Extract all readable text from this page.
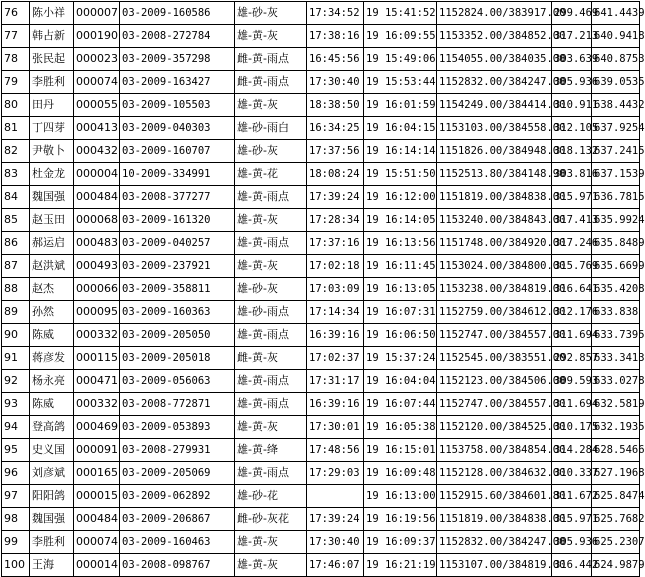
76	陈小祥	000007	03-2009-160586	雄-砂-灰	17:34:52	19 15:41:52	1152824.00/383917.00	299.469	641.4439
77	韩占新	000190	03-2008-272784	雄-黄-灰	17:38:16	19 16:09:55	1153352.00/384852.00	317.213	640.9418
78	张民起	000023	03-2009-357298	雌-黄-雨点	16:45:56	19 15:49:06	1154055.00/384035.00	303.639	640.8753
79	李胜利	000074	03-2009-163427	雌-黄-雨点	17:30:40	19 15:53:44	1152832.00/384247.00	305.936	639.0535
80	田丹	000055	03-2009-105503	雄-黄-灰	18:38:50	19 16:01:59	1154249.00/384414.00	310.911	638.4432
81	丁四芽	000413	03-2009-040303	雄-砂-雨白	16:34:25	19 16:04:15	1153103.00/384558.00	312.105	637.9254
82	尹敬卜	000432	03-2009-160707	雄-砂-灰	17:37:56	19 16:14:14	1151826.00/384948.00	318.132	637.2415
83	杜金龙	000004	10-2009-334991	雄-黄-花	18:08:24	19 15:51:50	1152513.80/384148.90	303.816	637.1539
84	魏国强	000484	03-2008-377277	雄-黄-雨点	17:39:24	19 16:12:00	1151819.00/384838.00	315.971	636.7815
85	赵玉田	000068	03-2009-161320	雄-黄-灰	17:28:34	19 16:14:05	1153240.00/384843.00	317.413	635.9924
86	郝运启	000483	03-2009-040257	雄-黄-雨点	17:37:16	19 16:13:56	1151748.00/384920.00	317.246	635.8489
87	赵洪斌	000493	03-2009-237921	雄-黄-灰	17:02:18	19 16:11:45	1153024.00/384800.00	315.769	635.6699
88	赵杰	000066	03-2009-358811	雄-砂-灰	17:03:09	19 16:13:05	1153238.00/384819.00	316.641	635.4208
89	孙然	000095	03-2009-160363	雄-砂-雨点	17:14:34	19 16:07:31	1152759.00/384612.00	312.176	633.838
90	陈威	000332	03-2009-205050	雄-黄-雨点	16:39:16	19 16:06:50	1152747.00/384557.00	311.694	633.7395
91	蒋彦发	000115	03-2009-205018	雌-黄-灰	17:02:37	19 15:37:24	1152545.00/383551.00	292.857	633.3413
92	杨永亮	000471	03-2009-056063	雄-黄-雨点	17:31:17	19 16:04:04	1152123.00/384506.00	309.593	633.0278
93	陈威	000332	03-2008-772871	雄-黄-雨点	16:39:16	19 16:07:44	1152747.00/384557.00	311.694	632.5819
94	登高鸽	000469	03-2009-053893	雄-黄-灰	17:30:01	19 16:05:38	1152120.00/384525.00	310.175	632.1935
95	史义国	000091	03-2008-279931	雄-黄-绛	17:48:56	19 16:15:01	1153758.00/384854.00	314.284	628.5466
96	刘彦斌	000165	03-2009-205069	雄-黄-雨点	17:29:03	19 16:09:48	1152128.00/384632.00	310.337	627.1968
97	阳阳鸽	000015	03-2009-062892	雄-砂-花		19 16:13:00	1152915.60/384601.80	311.672	625.8474
98	魏国强	000484	03-2009-206867	雌-砂-灰花	17:39:24	19 16:19:56	1151819.00/384838.00	315.971	625.7682
99	李胜利	000074	03-2009-160463	雄-黄-灰	17:30:40	19 16:09:37	1152832.00/384247.00	305.936	625.2307
100	王海	000014	03-2008-098767	雄-黄-灰	17:46:07	19 16:21:19	1153107.00/384819.00	316.442	624.9879
